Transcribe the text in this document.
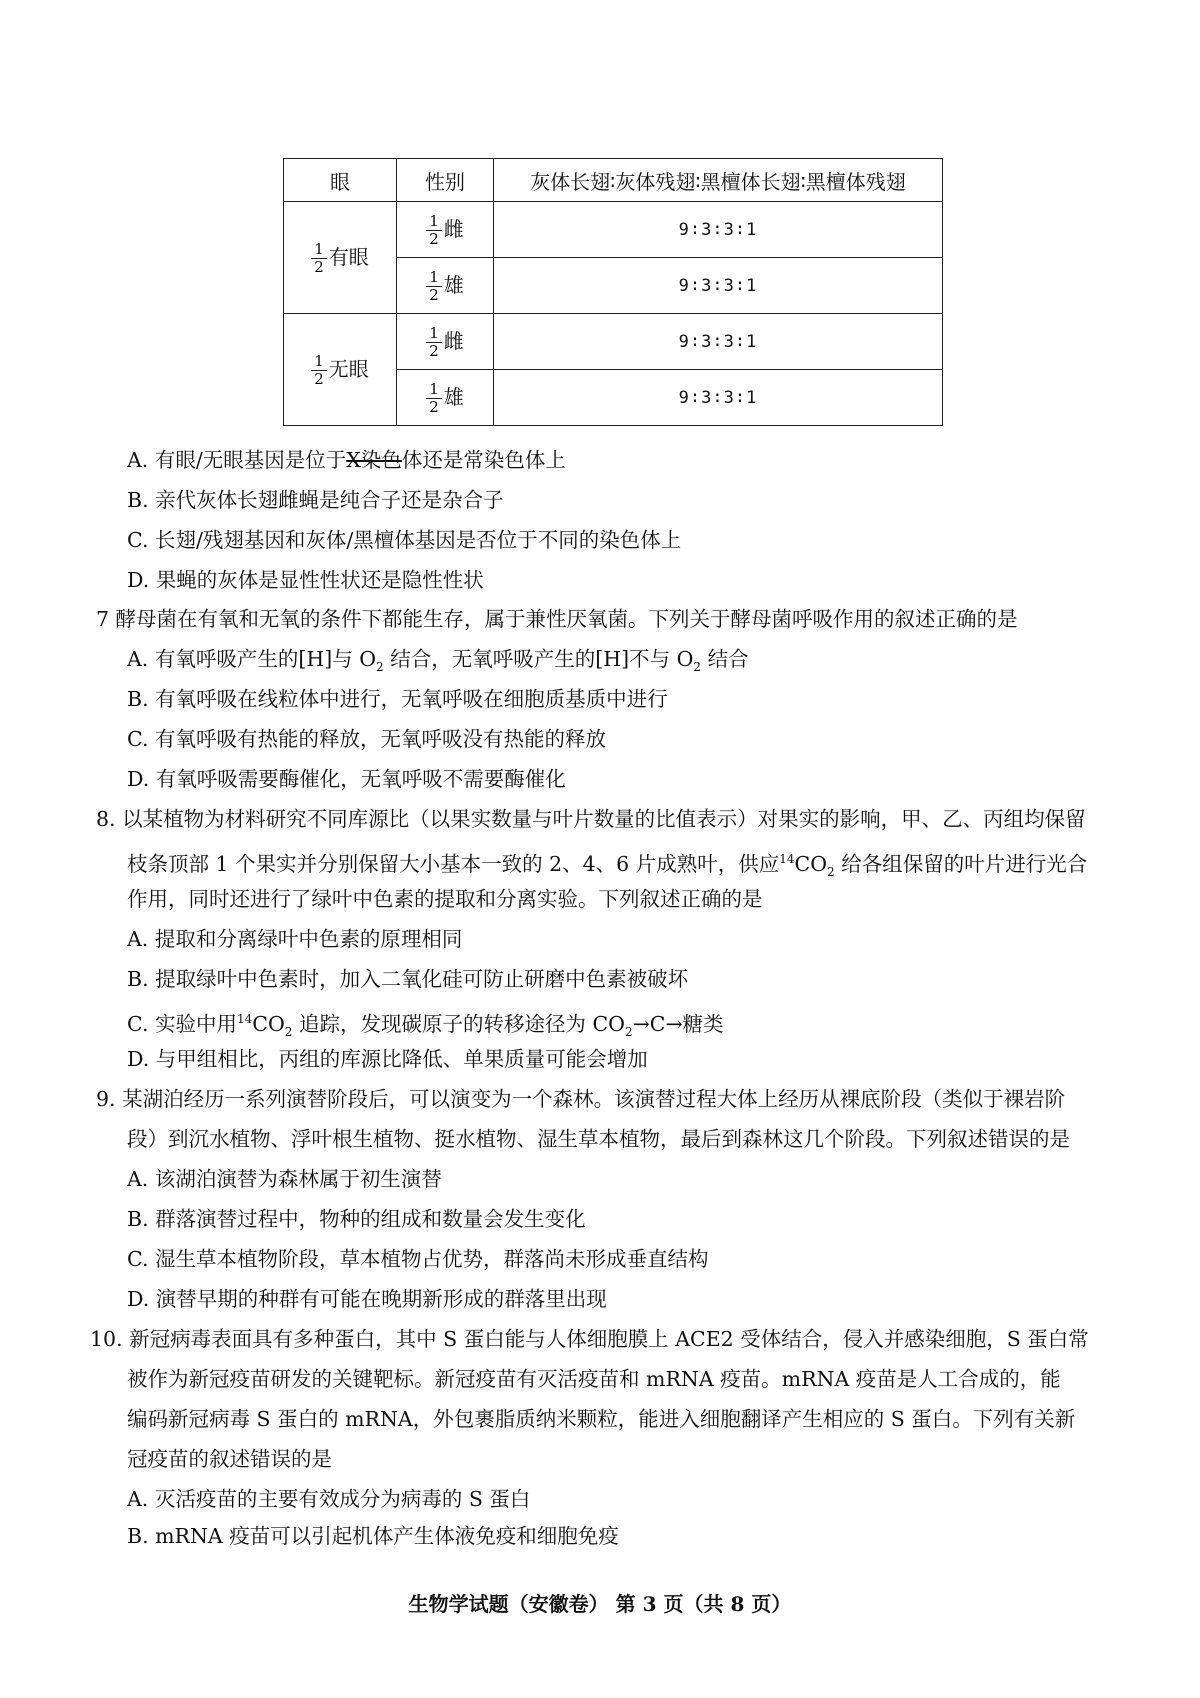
眼	性别	灰体长翅∶灰体残翅∶黑檀体长翅∶黑檀体残翅

$\frac{1}{2}$ 有眼	$\frac{1}{2}$ 雌	9∶3∶3∶1

	$\frac{1}{2}$ 雄	9∶3∶3∶1

$\frac{1}{2}$ 无眼	$\frac{1}{2}$ 雌	9∶3∶3∶1

	$\frac{1}{2}$ 雄	9∶3∶3∶1
A. 有眼/无眼基因是位于X染色体还是常染色体上
B. 亲代灰体长翅雌蝇是纯合子还是杂合子
C. 长翅/残翅基因和灰体/黑檀体基因是否位于不同的染色体上
D. 果蝇的灰体是显性性状还是隐性性状
7 酵母菌在有氧和无氧的条件下都能生存，属于兼性厌氧菌。下列关于酵母菌呼吸作用的叙述正确的是
A. 有氧呼吸产生的[H]与 $O_2$ 结合，无氧呼吸产生的[H]不与 $O_2$ 结合
B. 有氧呼吸在线粒体中进行，无氧呼吸在细胞质基质中进行
C. 有氧呼吸有热能的释放，无氧呼吸没有热能的释放
D. 有氧呼吸需要酶催化，无氧呼吸不需要酶催化
8. 以某植物为材料研究不同库源比（以果实数量与叶片数量的比值表示）对果实的影响，甲、乙、丙组均保留
枝条顶部 1 个果实并分别保留大小基本一致的 2、4、6 片成熟叶，供应$^{14}CO_2$ 给各组保留的叶片进行光合
作用，同时还进行了绿叶中色素的提取和分离实验。下列叙述正确的是
A. 提取和分离绿叶中色素的原理相同
B. 提取绿叶中色素时，加入二氧化硅可防止研磨中色素被破坏
C. 实验中用$^{14}CO_2$ 追踪，发现碳原子的转移途径为 $CO_2\to C\to$糖类
D. 与甲组相比，丙组的库源比降低、单果质量可能会增加
9. 某湖泊经历一系列演替阶段后，可以演变为一个森林。该演替过程大体上经历从裸底阶段（类似于裸岩阶
段）到沉水植物、浮叶根生植物、挺水植物、湿生草本植物，最后到森林这几个阶段。下列叙述错误的是
A. 该湖泊演替为森林属于初生演替
B. 群落演替过程中，物种的组成和数量会发生变化
C. 湿生草本植物阶段，草本植物占优势，群落尚未形成垂直结构
D. 演替早期的种群有可能在晚期新形成的群落里出现
10. 新冠病毒表面具有多种蛋白，其中 S 蛋白能与人体细胞膜上 ACE2 受体结合，侵入并感染细胞，S 蛋白常
被作为新冠疫苗研发的关键靶标。新冠疫苗有灭活疫苗和 mRNA 疫苗。mRNA 疫苗是人工合成的，能
编码新冠病毒 S 蛋白的 mRNA，外包裹脂质纳米颗粒，能进入细胞翻译产生相应的 S 蛋白。下列有关新
冠疫苗的叙述错误的是
A. 灭活疫苗的主要有效成分为病毒的 S 蛋白
B. mRNA 疫苗可以引起机体产生体液免疫和细胞免疫
生物学试题（安徽卷） 第 3 页（共 8 页）
